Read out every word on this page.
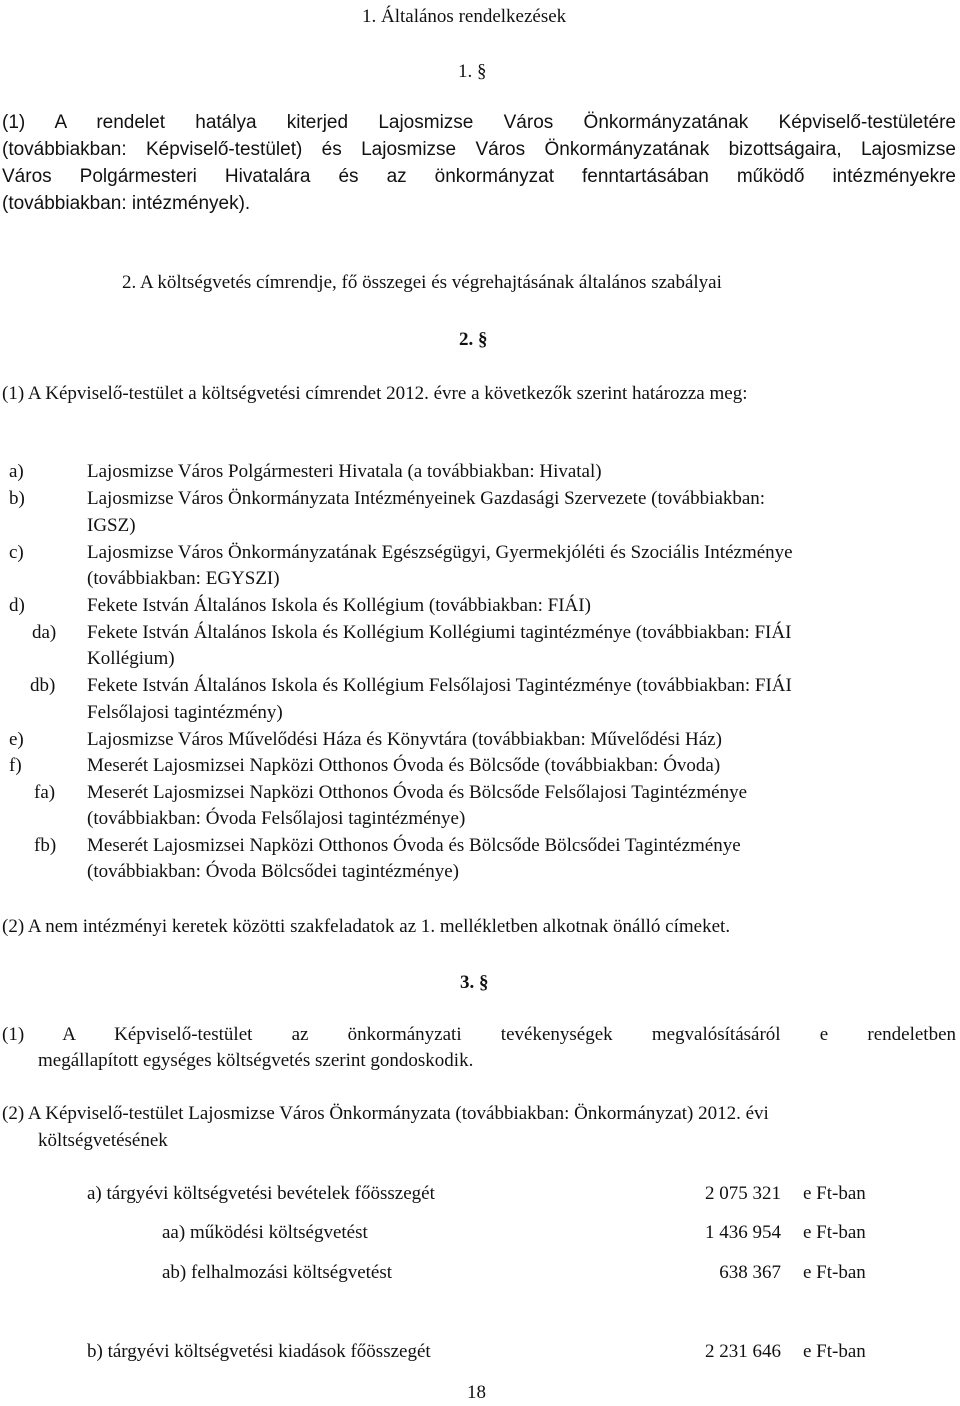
1. Általános rendelkezések
1. §
(1) A rendelet hatálya kiterjed Lajosmizse Város Önkormányzatának Képviselő-testületére
(továbbiakban: Képviselő-testület) és Lajosmizse Város Önkormányzatának bizottságaira, Lajosmizse
Város Polgármesteri Hivatalára és az önkormányzat fenntartásában működő intézményekre
(továbbiakban: intézmények).
2. A költségvetés címrendje, fő összegei és végrehajtásának általános szabályai
2. §
(1) A Képviselő-testület a költségvetési címrendet 2012. évre a következők szerint határozza meg:
a)	Lajosmizse Város Polgármesteri Hivatala (a továbbiakban: Hivatal)
b)	Lajosmizse Város Önkormányzata Intézményeinek Gazdasági Szervezete (továbbiakban:
IGSZ)
c)	Lajosmizse Város Önkormányzatának Egészségügyi, Gyermekjóléti és Szociális Intézménye
(továbbiakban: EGYSZI)
d)	Fekete István Általános Iskola és Kollégium (továbbiakban: FIÁI)
da) Fekete István Általános Iskola és Kollégium Kollégiumi tagintézménye (továbbiakban: FIÁI
Kollégium)
db) Fekete István Általános Iskola és Kollégium Felsőlajosi Tagintézménye (továbbiakban: FIÁI
Felsőlajosi tagintézmény)
e)	Lajosmizse Város Művelődési Háza és Könyvtára (továbbiakban: Művelődési Ház)
f)	Meserét Lajosmizsei Napközi Otthonos Óvoda és Bölcsőde (továbbiakban: Óvoda)
fa) Meserét Lajosmizsei Napközi Otthonos Óvoda és Bölcsőde Felsőlajosi Tagintézménye
(továbbiakban: Óvoda Felsőlajosi tagintézménye)
fb) Meserét Lajosmizsei Napközi Otthonos Óvoda és Bölcsőde Bölcsődei Tagintézménye
(továbbiakban: Óvoda Bölcsődei tagintézménye)
(2) A nem intézményi keretek közötti szakfeladatok az 1. mellékletben alkotnak önálló címeket.
3. §
(1) A Képviselő-testület az önkormányzati tevékenységek megvalósításáról e rendeletben
megállapított egységes költségvetés szerint gondoskodik.
(2) A Képviselő-testület Lajosmizse Város Önkormányzata (továbbiakban: Önkormányzat) 2012. évi
költségvetésének
a) tárgyévi költségvetési bevételek főösszegét	2 075 321 e Ft-ban
aa) működési költségvetést	1 436 954 e Ft-ban
ab) felhalmozási költségvetést	638 367 e Ft-ban
b) tárgyévi költségvetési kiadások főösszegét	2 231 646 e Ft-ban
18
